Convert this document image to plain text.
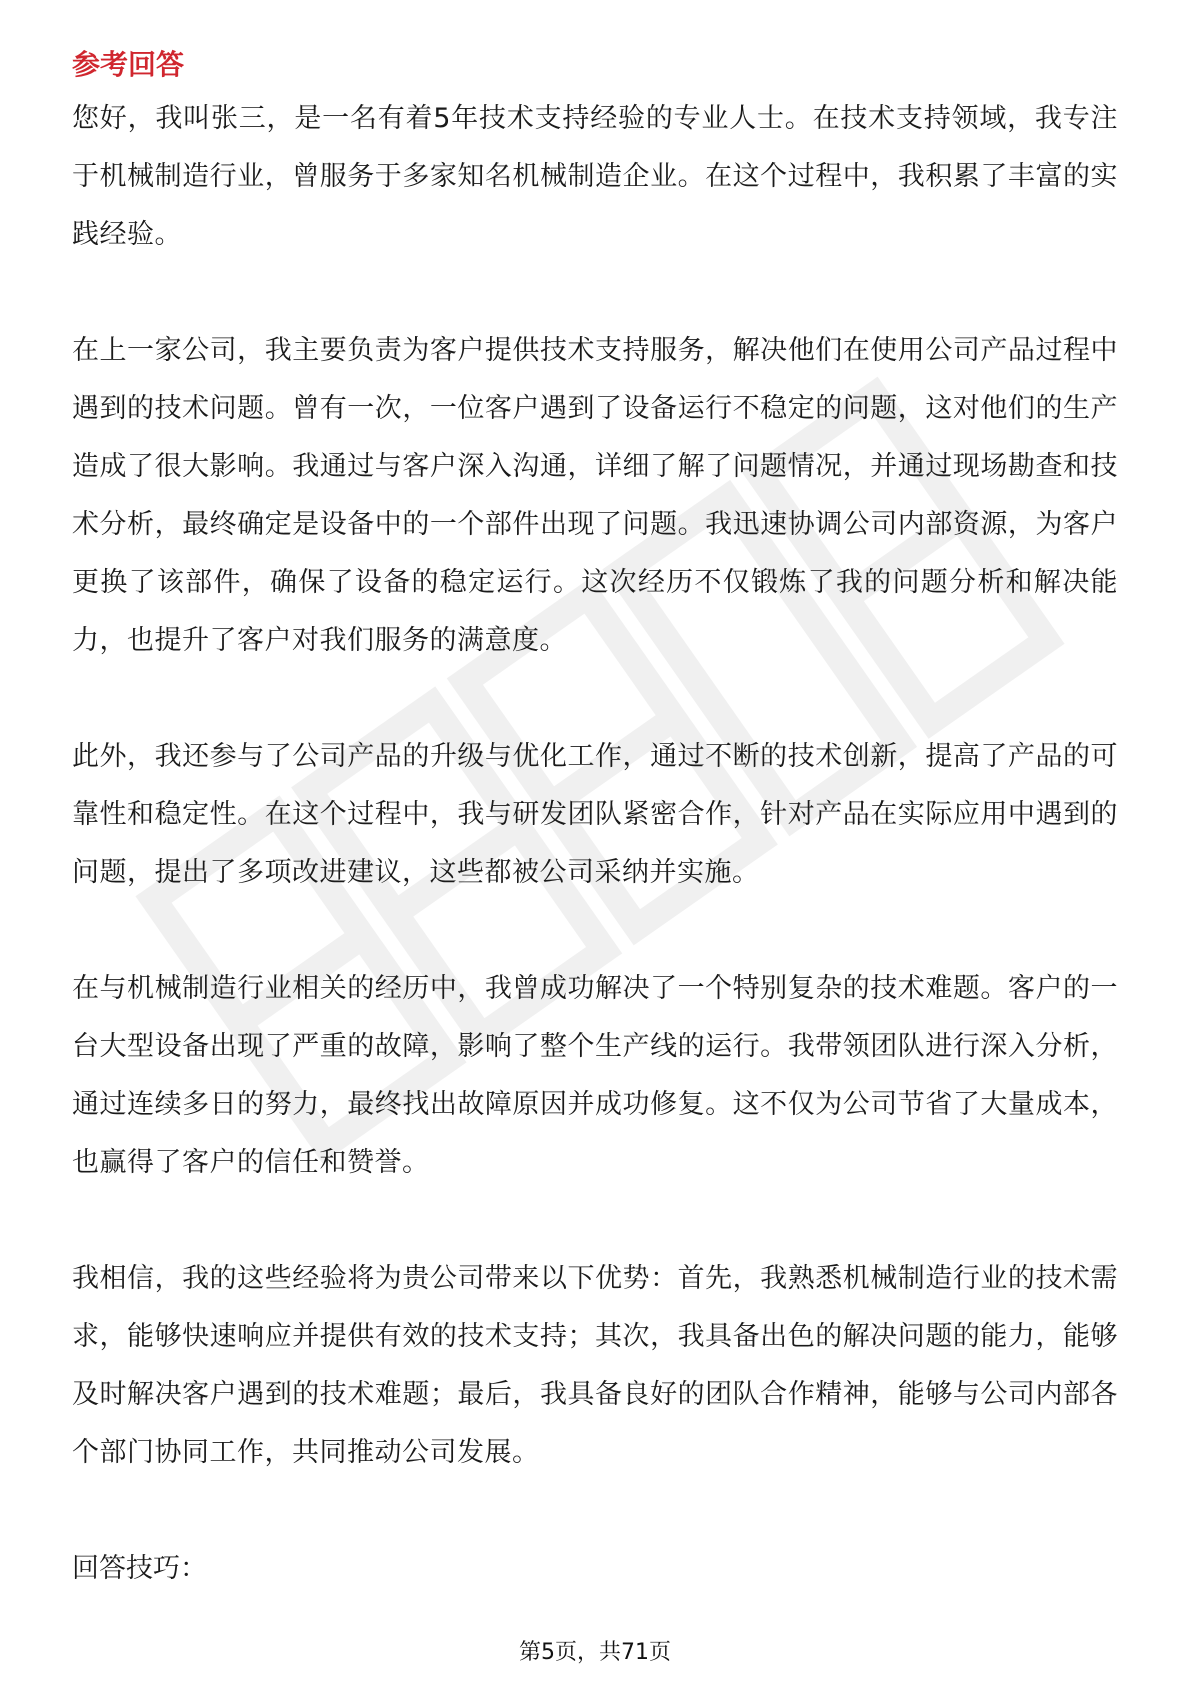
参考回答

您好，我叫张三，是一名有着5年技术支持经验的专业人士。在技术支持领域，我专注于机械制造行业，曾服务于多家知名机械制造企业。在这个过程中，我积累了丰富的实践经验。

在上一家公司，我主要负责为客户提供技术支持服务，解决他们在使用公司产品过程中遇到的技术问题。曾有一次，一位客户遇到了设备运行不稳定的问题，这对他们的生产造成了很大影响。我通过与客户深入沟通，详细了解了问题情况，并通过现场勘查和技术分析，最终确定是设备中的一个部件出现了问题。我迅速协调公司内部资源，为客户更换了该部件，确保了设备的稳定运行。这次经历不仅锻炼了我的问题分析和解决能力，也提升了客户对我们服务的满意度。

此外，我还参与了公司产品的升级与优化工作，通过不断的技术创新，提高了产品的可靠性和稳定性。在这个过程中，我与研发团队紧密合作，针对产品在实际应用中遇到的问题，提出了多项改进建议，这些都被公司采纳并实施。

在与机械制造行业相关的经历中，我曾成功解决了一个特别复杂的技术难题。客户的一台大型设备出现了严重的故障，影响了整个生产线的运行。我带领团队进行深入分析，通过连续多日的努力，最终找出故障原因并成功修复。这不仅为公司节省了大量成本，也赢得了客户的信任和赞誉。

我相信，我的这些经验将为贵公司带来以下优势：首先，我熟悉机械制造行业的技术需求，能够快速响应并提供有效的技术支持；其次，我具备出色的解决问题的能力，能够及时解决客户遇到的技术难题；最后，我具备良好的团队合作精神，能够与公司内部各个部门协同工作，共同推动公司发展。

回答技巧：

第5页，共71页
